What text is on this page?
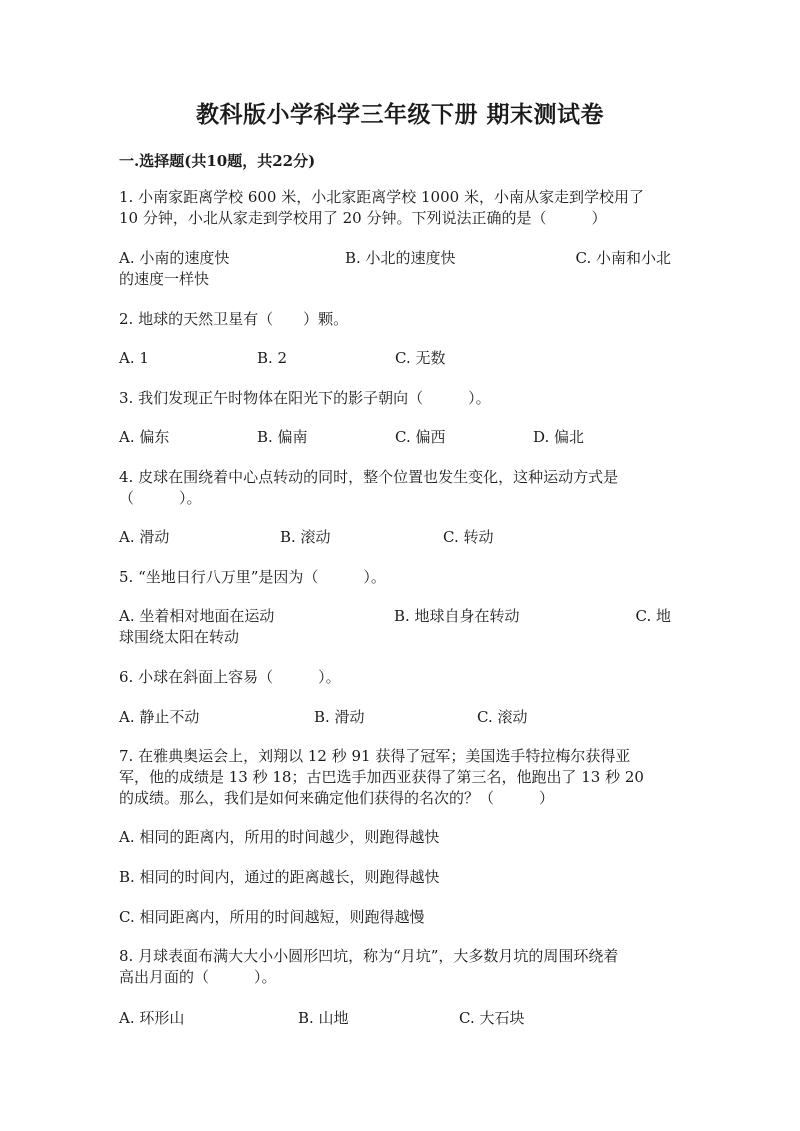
教科版小学科学三年级下册 期末测试卷
一.选择题(共10题，共22分)
1. 小南家距离学校 600 米，小北家距离学校 1000 米，小南从家走到学校用了
10 分钟，小北从家走到学校用了 20 分钟。下列说法正确的是（　　　）
A. 小南的速度快	B. 小北的速度快	C. 小南和小北
的速度一样快
2. 地球的天然卫星有（　　）颗。
A. 1	B. 2	C. 无数
3. 我们发现正午时物体在阳光下的影子朝向（　　　）。
A. 偏东	B. 偏南	C. 偏西	D. 偏北
4. 皮球在围绕着中心点转动的同时，整个位置也发生变化，这种运动方式是
（　　　）。
A. 滑动	B. 滚动	C. 转动
5. “坐地日行八万里”是因为（　　　）。
A. 坐着相对地面在运动	B. 地球自身在转动	C. 地
球围绕太阳在转动
6. 小球在斜面上容易（　　　）。
A. 静止不动	B. 滑动	C. 滚动
7. 在雅典奥运会上，刘翔以 12 秒 91 获得了冠军；美国选手特拉梅尔获得亚
军，他的成绩是 13 秒 18；古巴选手加西亚获得了第三名，他跑出了 13 秒 20
的成绩。那么，我们是如何来确定他们获得的名次的？（　　　）
A. 相同的距离内，所用的时间越少，则跑得越快
B. 相同的时间内，通过的距离越长，则跑得越快
C. 相同距离内，所用的时间越短，则跑得越慢
8. 月球表面布满大大小小圆形凹坑，称为“月坑”，大多数月坑的周围环绕着
高出月面的（　　　）。
A. 环形山	B. 山地	C. 大石块
